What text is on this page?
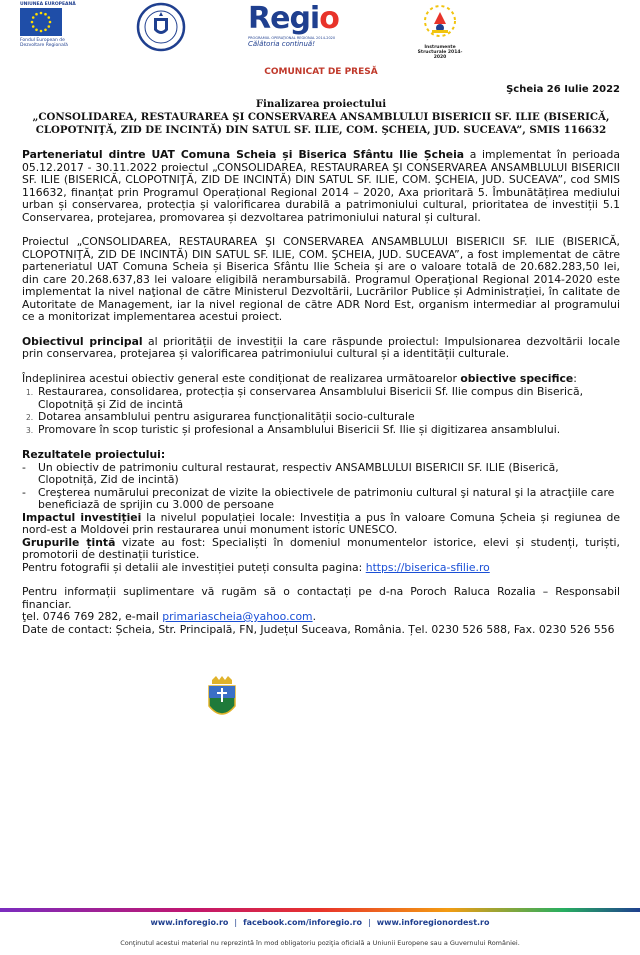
UNIUNEA EUROPEANĂ
Fondul European de Dezvoltare Regională
Regio
PROGRAMUL OPERAŢIONAL REGIONAL 2014-2020
Călătoria continuă!	Instrumente Structurale 2014-2020
COMUNICAT DE PRESĂ
Şcheia 26 Iulie 2022
Finalizarea proiectului
„CONSOLIDAREA, RESTAURAREA ŞI CONSERVAREA ANSAMBLULUI BISERICII SF. ILIE (BISERICĂ, CLOPOTNIŢĂ, ZID DE INCINTĂ) DIN SATUL SF. ILIE, COM. ŞCHEIA, JUD. SUCEAVA”, SMIS 116632

Parteneriatul dintre UAT Comuna Scheia și Biserica Sfântu Ilie Șcheia a implementat în perioada 05.12.2017 - 30.11.2022 proiectul „CONSOLIDAREA, RESTAURAREA ŞI CONSERVAREA ANSAMBLULUI BISERICII SF. ILIE (BISERICĂ, CLOPOTNIŢĂ, ZID DE INCINTĂ) DIN SATUL SF. ILIE, COM. ŞCHEIA, JUD. SUCEAVA”, cod SMIS 116632, finanțat prin Programul Operațional Regional 2014 – 2020, Axa prioritară 5. Îmbunătățirea mediului urban și conservarea, protecția și valorificarea durabilă a patrimoniului cultural, prioritatea de investiții 5.1 Conservarea, protejarea, promovarea și dezvoltarea patrimoniului natural și cultural.

Proiectul „CONSOLIDAREA, RESTAURAREA ŞI CONSERVAREA ANSAMBLULUI BISERICII SF. ILIE (BISERICĂ, CLOPOTNIŢĂ, ZID DE INCINTĂ) DIN SATUL SF. ILIE, COM. ŞCHEIA, JUD. SUCEAVA”, a fost implementat de către parteneriatul UAT Comuna Scheia și Biserica Sfântu Ilie Scheia și are o valoare totală de 20.682.283,50 lei, din care 20.268.637,83 lei valoare eligibilă nerambursabilă. Programul Operaţional Regional 2014-2020 este implementat la nivel naţional de către Ministerul Dezvoltării, Lucrărilor Publice și Administrației, în calitate de Autoritate de Management, iar la nivel regional de către ADR Nord Est, organism intermediar al programului ce a monitorizat implementarea acestui proiect.

Obiectivul principal al priorității de investiții la care răspunde proiectul: Impulsionarea dezvoltării locale prin conservarea, protejarea și valorificarea patrimoniului cultural și a identității culturale.

Îndeplinirea acestui obiectiv general este condiționat de realizarea următoarelor obiective specifice:

1. Restaurarea, consolidarea, protecția și conservarea Ansamblului Bisericii Sf. Ilie compus din Biserică, Clopotniță și Zid de incintă
2. Dotarea ansamblului pentru asigurarea funcționalității socio-culturale
3. Promovare în scop turistic și profesional a Ansamblului Bisericii Sf. Ilie și digitizarea ansamblului.

Rezultatele proiectului:

- Un obiectiv de patrimoniu cultural restaurat, respectiv ANSAMBLULUI BISERICII SF. ILIE (Biserică, Clopotniță, Zid de incintă)
- Creşterea numărului preconizat de vizite la obiectivele de patrimoniu cultural şi natural şi la atracţiile care beneficiază de sprijin cu 3.000 de persoane

Impactul investiției la nivelul populației locale: Investiția a pus în valoare Comuna Șcheia și regiunea de nord-est a Moldovei prin restaurarea unui monument istoric UNESCO.

Grupurile țintă vizate au fost: Specialiști în domeniul monumentelor istorice, elevi și studenți, turiști, promotorii de destinații turistice.

Pentru fotografii și detalii ale investiției puteți consulta pagina: https://biserica-sfilie.ro

Pentru informații suplimentare vă rugăm să o contactați pe d-na Poroch Raluca Rozalia – Responsabil financiar.

ţel. 0746 769 282, e-mail primariascheia@yahoo.com.

Date de contact: Șcheia, Str. Principală, FN, Județul Suceava, România. Țel. 0230 526 588, Fax. 0230 526 556

www.inforegio.ro | facebook.com/inforegio.ro | www.inforegionordest.ro
Conţinutul acestui material nu reprezintă în mod obligatoriu poziţia oficială a Uniunii Europene sau a Guvernului României.
